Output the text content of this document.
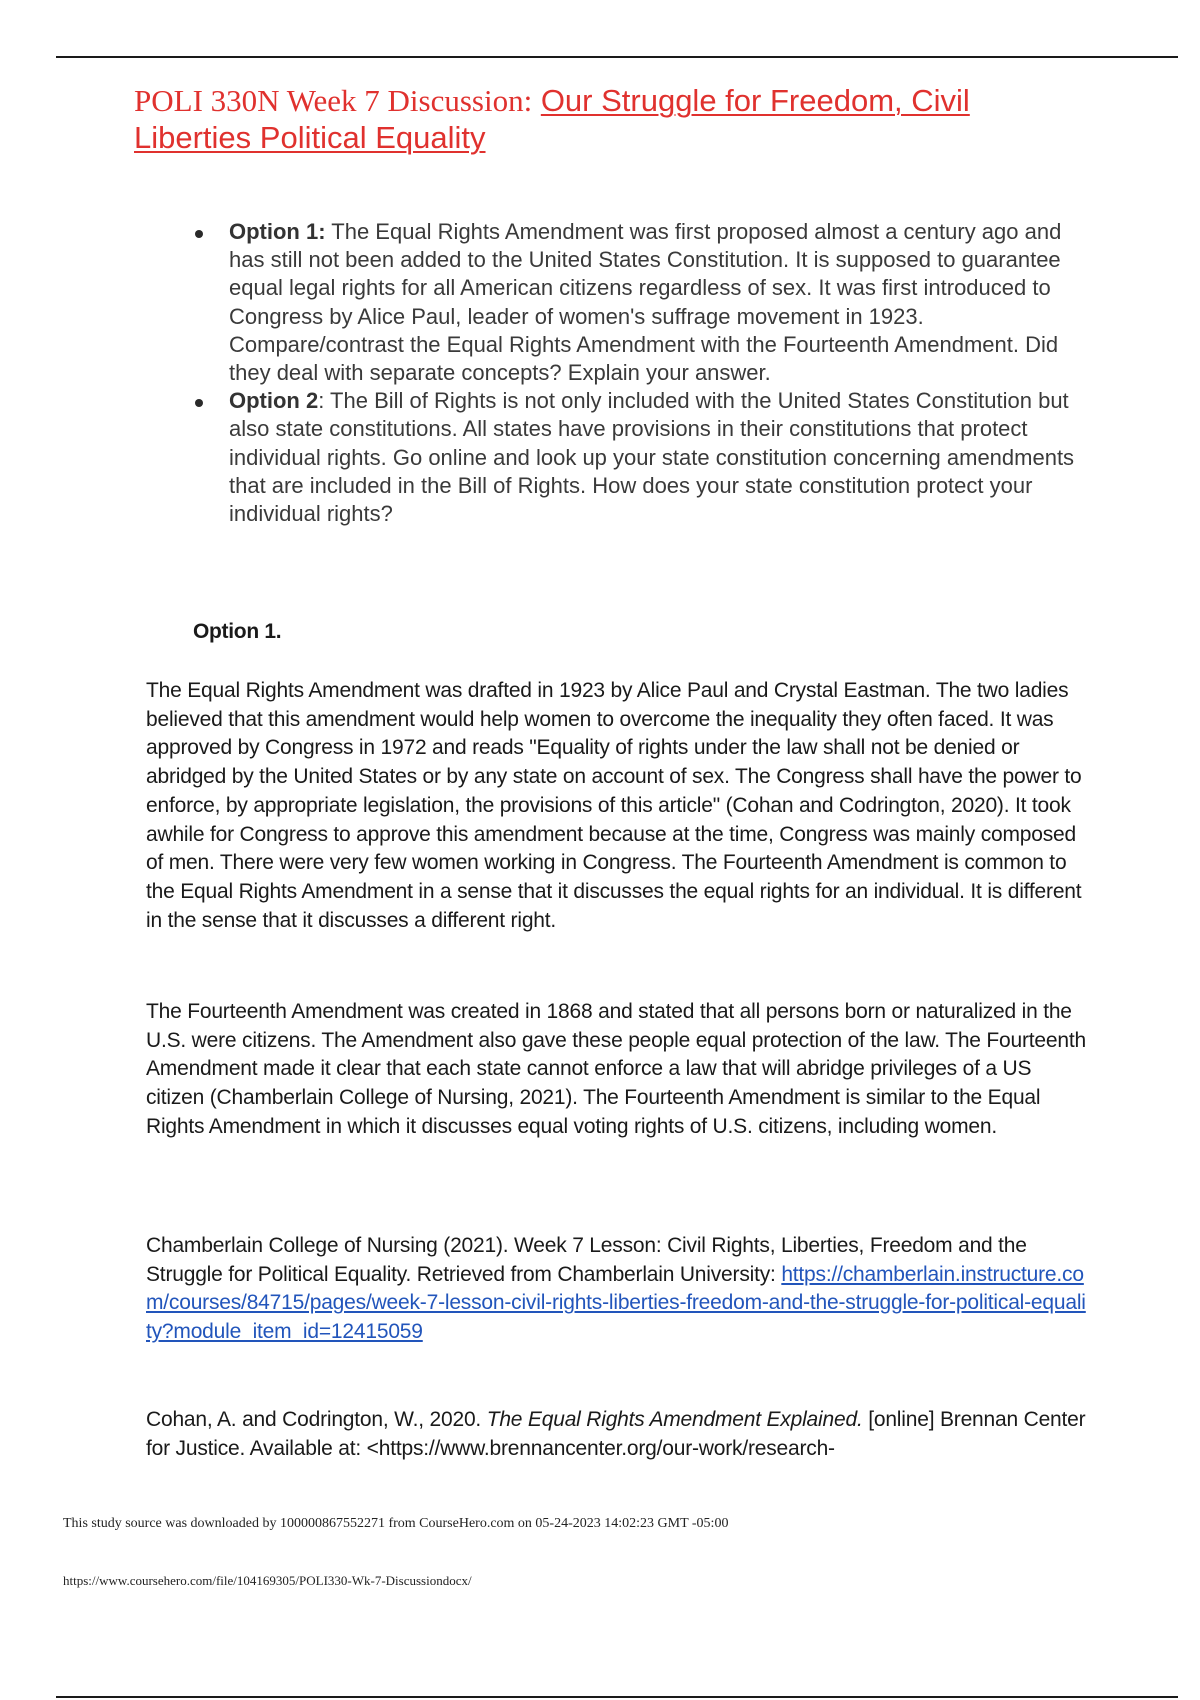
POLI 330N Week 7 Discussion: Our Struggle for Freedom, Civil Liberties Political Equality
Option 1: The Equal Rights Amendment was first proposed almost a century ago and has still not been added to the United States Constitution. It is supposed to guarantee equal legal rights for all American citizens regardless of sex. It was first introduced to Congress by Alice Paul, leader of women's suffrage movement in 1923. Compare/contrast the Equal Rights Amendment with the Fourteenth Amendment. Did they deal with separate concepts? Explain your answer.
Option 2: The Bill of Rights is not only included with the United States Constitution but also state constitutions. All states have provisions in their constitutions that protect individual rights. Go online and look up your state constitution concerning amendments that are included in the Bill of Rights. How does your state constitution protect your individual rights?
Option 1.

The Equal Rights Amendment was drafted in 1923 by Alice Paul and Crystal Eastman. The two ladies believed that this amendment would help women to overcome the inequality they often faced. It was approved by Congress in 1972 and reads "Equality of rights under the law shall not be denied or abridged by the United States or by any state on account of sex. The Congress shall have the power to enforce, by appropriate legislation, the provisions of this article" (Cohan and Codrington, 2020). It took awhile for Congress to approve this amendment because at the time, Congress was mainly composed of men. There were very few women working in Congress. The Fourteenth Amendment is common to the Equal Rights Amendment in a sense that it discusses the equal rights for an individual. It is different in the sense that it discusses a different right.

The Fourteenth Amendment was created in 1868 and stated that all persons born or naturalized in the U.S. were citizens. The Amendment also gave these people equal protection of the law. The Fourteenth Amendment made it clear that each state cannot enforce a law that will abridge privileges of a US citizen (Chamberlain College of Nursing, 2021). The Fourteenth Amendment is similar to the Equal Rights Amendment in which it discusses equal voting rights of U.S. citizens, including women.

Chamberlain College of Nursing (2021). Week 7 Lesson: Civil Rights, Liberties, Freedom and the Struggle for Political Equality. Retrieved from Chamberlain University: https://chamberlain.instructure.com/courses/84715/pages/week-7-lesson-civil-rights-liberties-freedom-and-the-struggle-for-political-equality?module_item_id=12415059

Cohan, A. and Codrington, W., 2020. The Equal Rights Amendment Explained. [online] Brennan Center for Justice. Available at: <https://www.brennancenter.org/our-work/research-

This study source was downloaded by 100000867552271 from CourseHero.com on 05-24-2023 14:02:23 GMT -05:00
https://www.coursehero.com/file/104169305/POLI330-Wk-7-Discussiondocx/
